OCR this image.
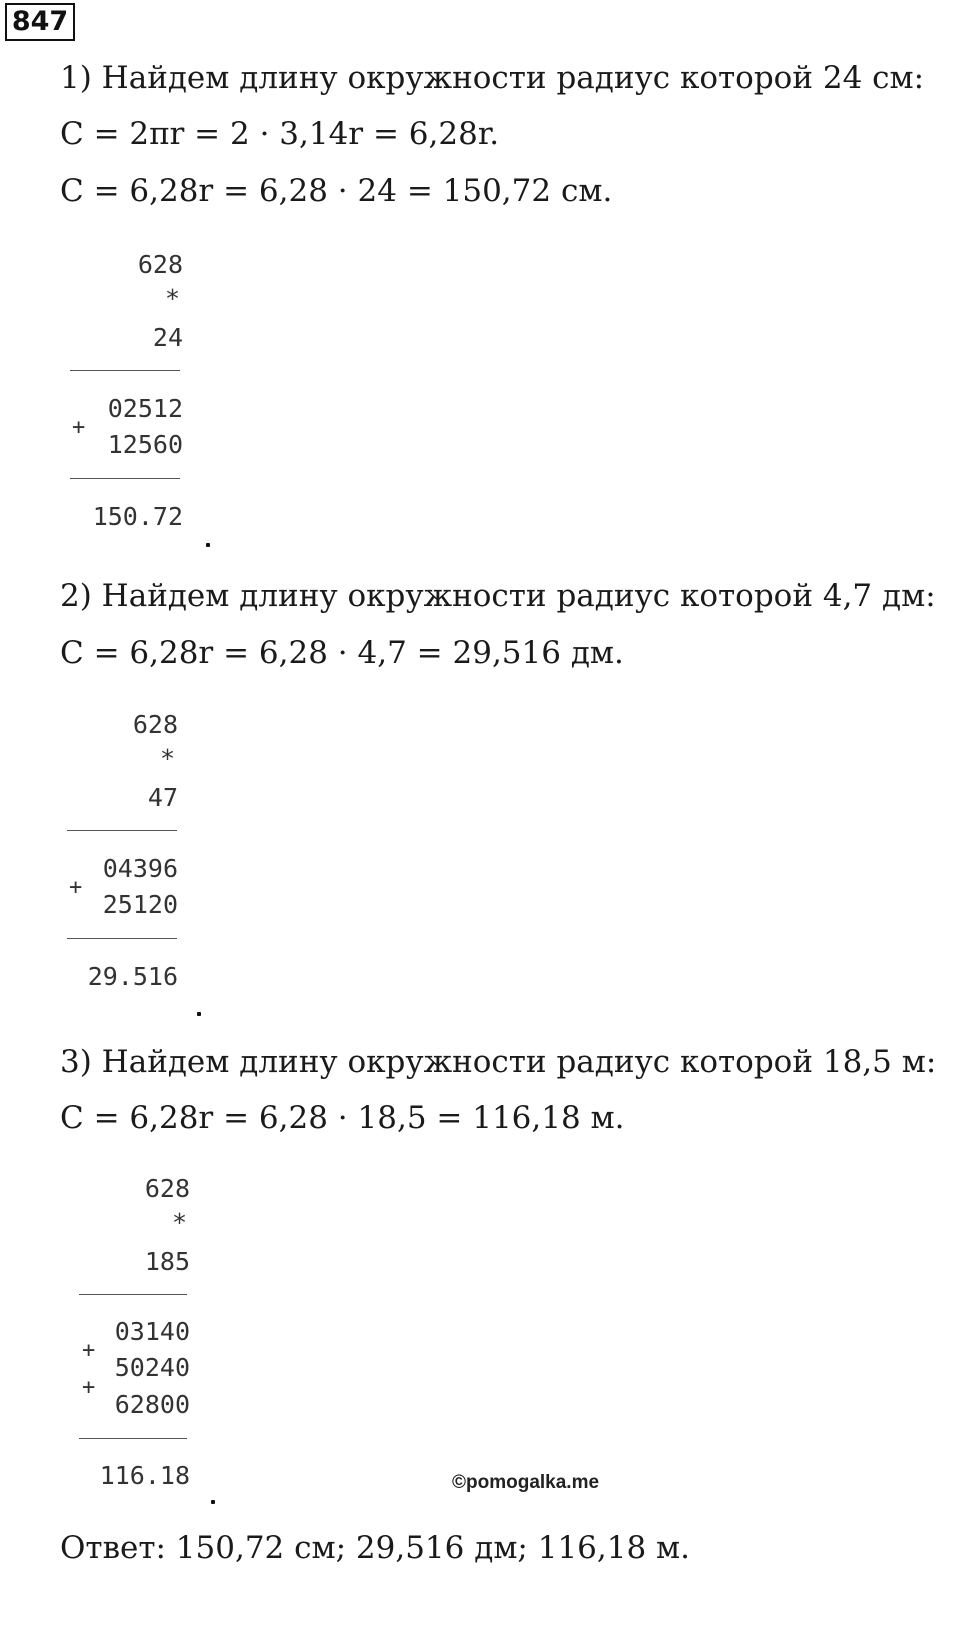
847
1) Найдем длину окружности радиус которой 24 см:
C = 2πr = 2 · 3,14r = 6,28r.
C = 6,28r = 6,28 · 24 = 150,72 см.
628
*
24
02512
+
12560
150.72
2) Найдем длину окружности радиус которой 4,7 дм:
C = 6,28r = 6,28 · 4,7 = 29,516 дм.
628
*
47
04396
+
25120
29.516
3) Найдем длину окружности радиус которой 18,5 м:
C = 6,28r = 6,28 · 18,5 = 116,18 м.
628
*
185
03140
+
50240
+
62800
116.18	©pomogalka.me
Ответ: 150,72 см; 29,516 дм; 116,18 м.
